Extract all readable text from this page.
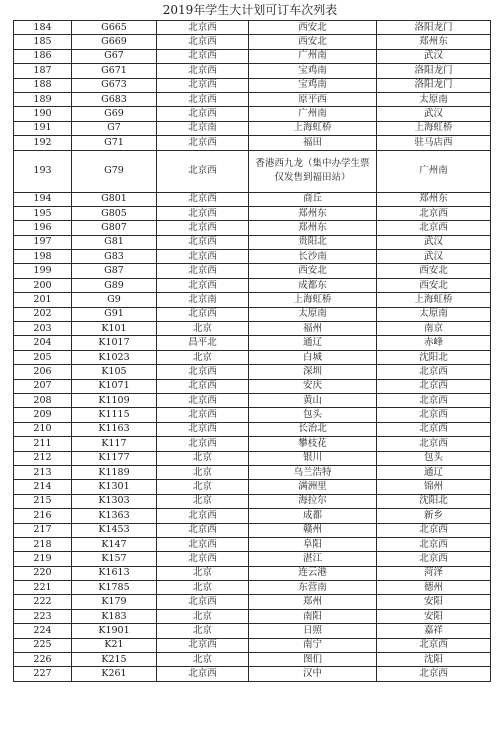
2019年学生大计划可订车次列表
184	G665	北京西	西安北	洛阳龙门
185	G669	北京西	西安北	郑州东
186	G67	北京西	广州南	武汉
187	G671	北京西	宝鸡南	洛阳龙门
188	G673	北京西	宝鸡南	洛阳龙门
189	G683	北京西	原平西	太原南
190	G69	北京西	广州南	武汉
191	G7	北京南	上海虹桥	上海虹桥
192	G71	北京西	福田	驻马店西
193	G79	北京西	香港西九龙（集中办学生票仅发售到福田站）	广州南
194	G801	北京西	商丘	郑州东
195	G805	北京西	郑州东	北京西
196	G807	北京西	郑州东	北京西
197	G81	北京西	贵阳北	武汉
198	G83	北京西	长沙南	武汉
199	G87	北京西	西安北	西安北
200	G89	北京西	成都东	西安北
201	G9	北京南	上海虹桥	上海虹桥
202	G91	北京西	太原南	太原南
203	K101	北京	福州	南京
204	K1017	昌平北	通辽	赤峰
205	K1023	北京	白城	沈阳北
206	K105	北京西	深圳	北京西
207	K1071	北京西	安庆	北京西
208	K1109	北京西	黄山	北京西
209	K1115	北京西	包头	北京西
210	K1163	北京西	长治北	北京西
211	K117	北京西	攀枝花	北京西
212	K1177	北京	银川	包头
213	K1189	北京	乌兰浩特	通辽
214	K1301	北京	满洲里	锦州
215	K1303	北京	海拉尔	沈阳北
216	K1363	北京西	成都	新乡
217	K1453	北京西	赣州	北京西
218	K147	北京西	阜阳	北京西
219	K157	北京西	湛江	北京西
220	K1613	北京	连云港	菏泽
221	K1785	北京	东营南	德州
222	K179	北京西	郑州	安阳
223	K183	北京	南阳	安阳
224	K1901	北京	日照	嘉祥
225	K21	北京西	南宁	北京西
226	K215	北京	图们	沈阳
227	K261	北京西	汉中	北京西
